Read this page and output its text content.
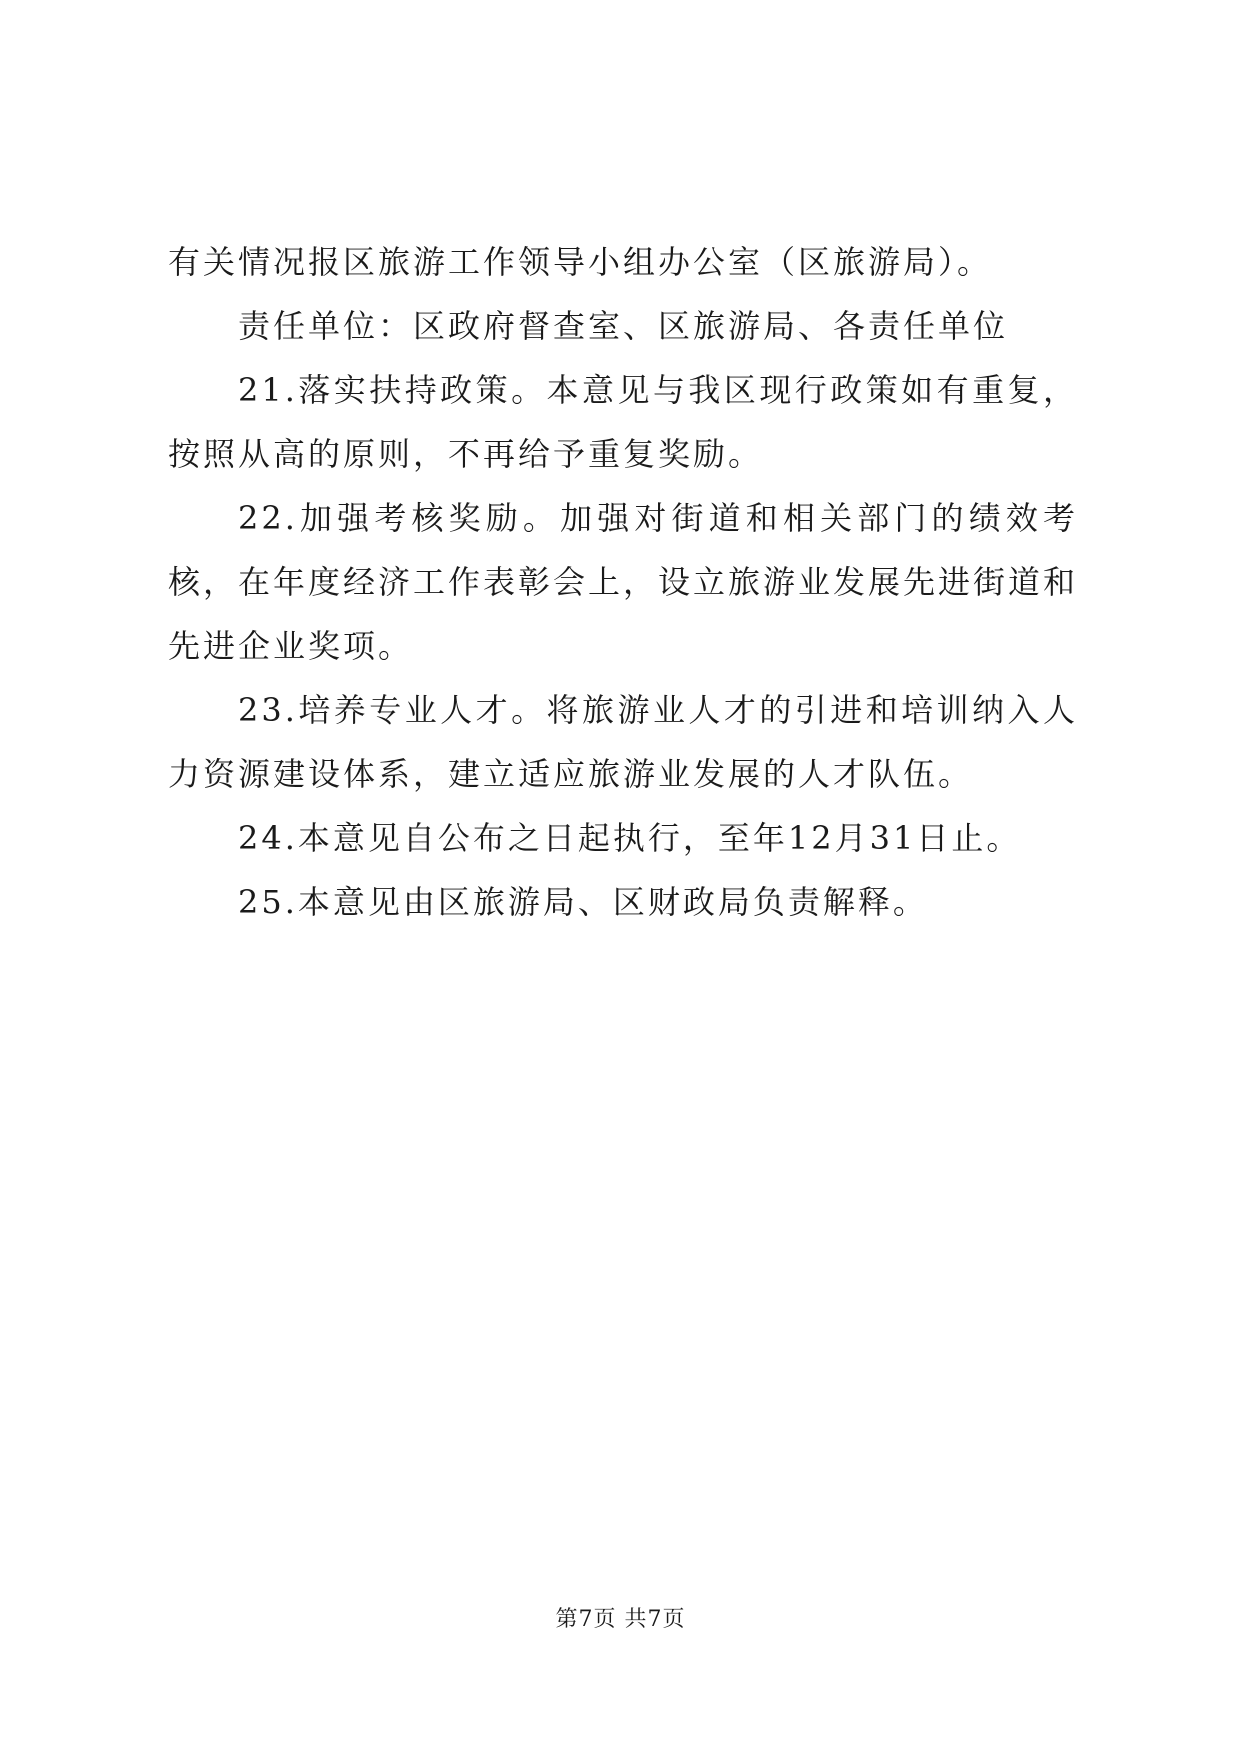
有关情况报区旅游工作领导小组办公室（区旅游局）。

责任单位：区政府督查室、区旅游局、各责任单位

21.落实扶持政策。本意见与我区现行政策如有重复，按照从高的原则，不再给予重复奖励。

22.加强考核奖励。加强对街道和相关部门的绩效考核，在年度经济工作表彰会上，设立旅游业发展先进街道和先进企业奖项。

23.培养专业人才。将旅游业人才的引进和培训纳入人力资源建设体系，建立适应旅游业发展的人才队伍。

24.本意见自公布之日起执行，至年12月31日止。

25.本意见由区旅游局、区财政局负责解释。

第7页 共7页
